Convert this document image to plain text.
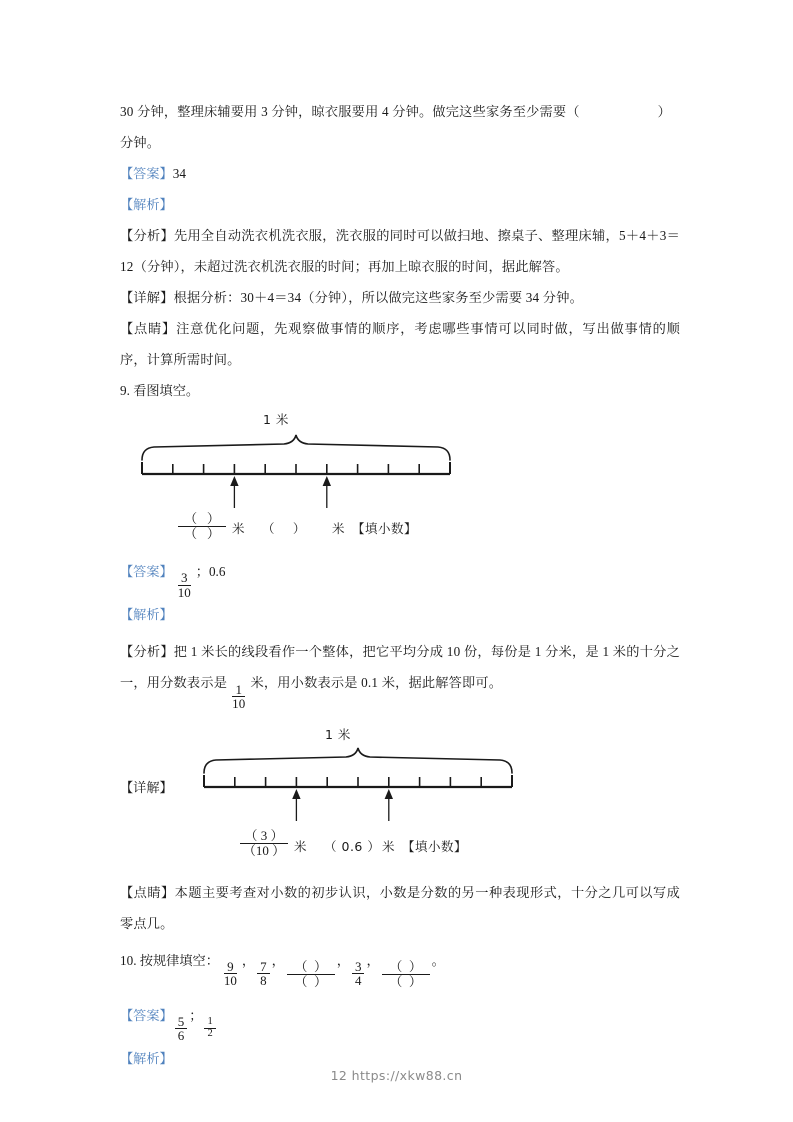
30 分钟，整理床辅要用 3 分钟，晾衣服要用 4 分钟。做完这些家务至少需要（	）

分钟。

【答案】34

【解析】

【分析】先用全自动洗衣机洗衣服，洗衣服的同时可以做扫地、擦桌子、整理床辅，5＋4＋3＝12（分钟），未超过洗衣机洗衣服的时间；再加上晾衣服的时间，据此解答。

【详解】根据分析：30＋4＝34（分钟），所以做完这些家务至少需要 34 分钟。

【点睛】注意优化问题，先观察做事情的顺序，考虑哪些事情可以同时做，写出做事情的顺序，计算所需时间。

9. 看图填空。

1 米
（   ）
（   ） 米 （ ） 米 【填小数】

【答案】 $\frac{3}{10}$ ；0.6

【解析】

【分析】把 1 米长的线段看作一个整体，把它平均分成 10 份，每份是 1 分米，是 1 米的十分之一，用分数表示是 $\frac{1}{10}$ 米，用小数表示是 0.1 米，据此解答即可。

【详解】
1 米
$\frac{( 3 )}{(10 )}$ 米 （ 0.6 ） 米 【填小数】

【点睛】本题主要考查对小数的初步认识，小数是分数的另一种表现形式，十分之几可以写成零点几。

10. 按规律填空： $\frac{9}{10}$ ， $\frac{7}{8}$ ， $\frac{( )}{( )}$ ， $\frac{3}{4}$ ， $\frac{( )}{( )}$ 。

【答案】 $\frac{5}{6}$ ；
$\frac{1}{2}$

【解析】

12 https://xkw88.cn
